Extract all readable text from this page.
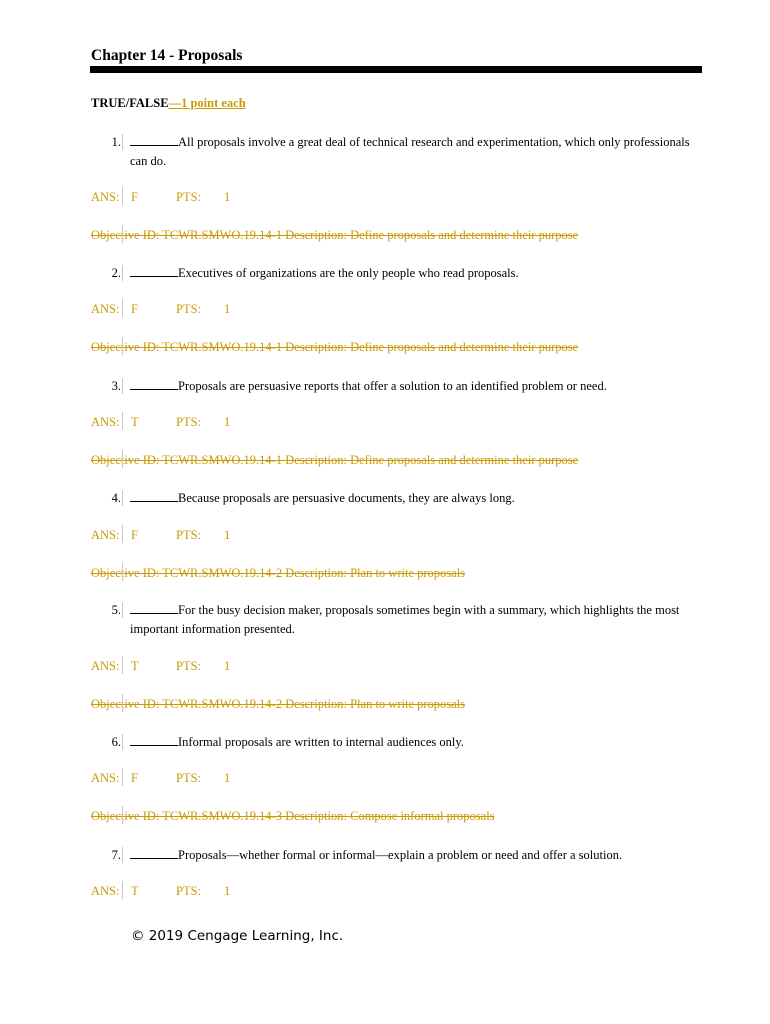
Chapter 14 - Proposals
TRUE/FALSE—1 point each
1.	All proposals involve a great deal of technical research and experimentation, which only professionals can do.
ANS: F	PTS: 1
Objective ID: TCWR.SMWO.19.14-1 Description: Define proposals and determine their purpose
2.	Executives of organizations are the only people who read proposals.
ANS: F	PTS: 1
Objective ID: TCWR.SMWO.19.14-1 Description: Define proposals and determine their purpose
3.	Proposals are persuasive reports that offer a solution to an identified problem or need.
ANS: T	PTS: 1
Objective ID: TCWR.SMWO.19.14-1 Description: Define proposals and determine their purpose
4.	Because proposals are persuasive documents, they are always long.
ANS: F	PTS: 1
Objective ID: TCWR.SMWO.19.14-2 Description: Plan to write proposals
5.	For the busy decision maker, proposals sometimes begin with a summary, which highlights the most important information presented.
ANS: T	PTS: 1
Objective ID: TCWR.SMWO.19.14-2 Description: Plan to write proposals
6.	Informal proposals are written to internal audiences only.
ANS: F	PTS: 1
Objective ID: TCWR.SMWO.19.14-3 Description: Compose informal proposals
7.	Proposals—whether formal or informal—explain a problem or need and offer a solution.
ANS: T	PTS: 1
© 2019 Cengage Learning, Inc.
